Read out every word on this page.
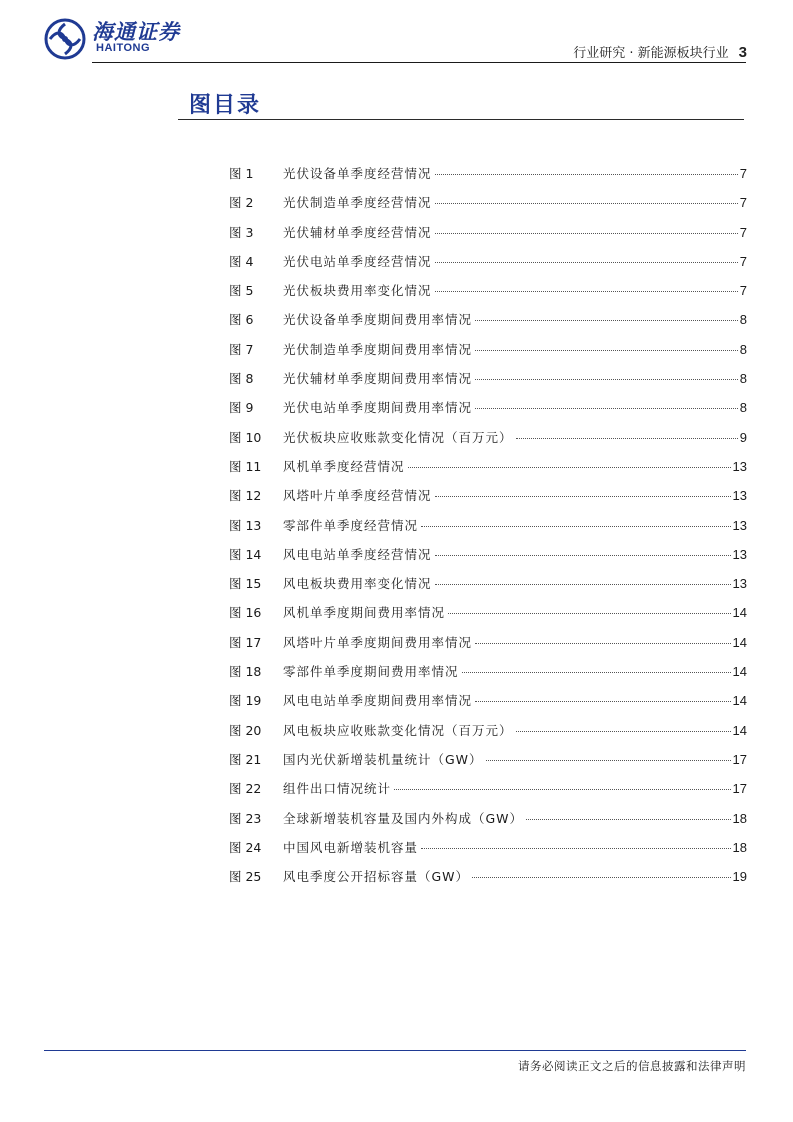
海通证券
HAITONG	行业研究 · 新能源板块行业 3
图目录
图 1	光伏设备单季度经营情况	7
图 2	光伏制造单季度经营情况	7
图 3	光伏辅材单季度经营情况	7
图 4	光伏电站单季度经营情况	7
图 5	光伏板块费用率变化情况	7
图 6	光伏设备单季度期间费用率情况	8
图 7	光伏制造单季度期间费用率情况	8
图 8	光伏辅材单季度期间费用率情况	8
图 9	光伏电站单季度期间费用率情况	8
图 10	光伏板块应收账款变化情况（百万元）	9
图 11	风机单季度经营情况	13
图 12	风塔叶片单季度经营情况	13
图 13	零部件单季度经营情况	13
图 14	风电电站单季度经营情况	13
图 15	风电板块费用率变化情况	13
图 16	风机单季度期间费用率情况	14
图 17	风塔叶片单季度期间费用率情况	14
图 18	零部件单季度期间费用率情况	14
图 19	风电电站单季度期间费用率情况	14
图 20	风电板块应收账款变化情况（百万元）	14
图 21	国内光伏新增装机量统计（GW）	17
图 22	组件出口情况统计	17
图 23	全球新增装机容量及国内外构成（GW）	18
图 24	中国风电新增装机容量	18
图 25	风电季度公开招标容量（GW）	19
请务必阅读正文之后的信息披露和法律声明
